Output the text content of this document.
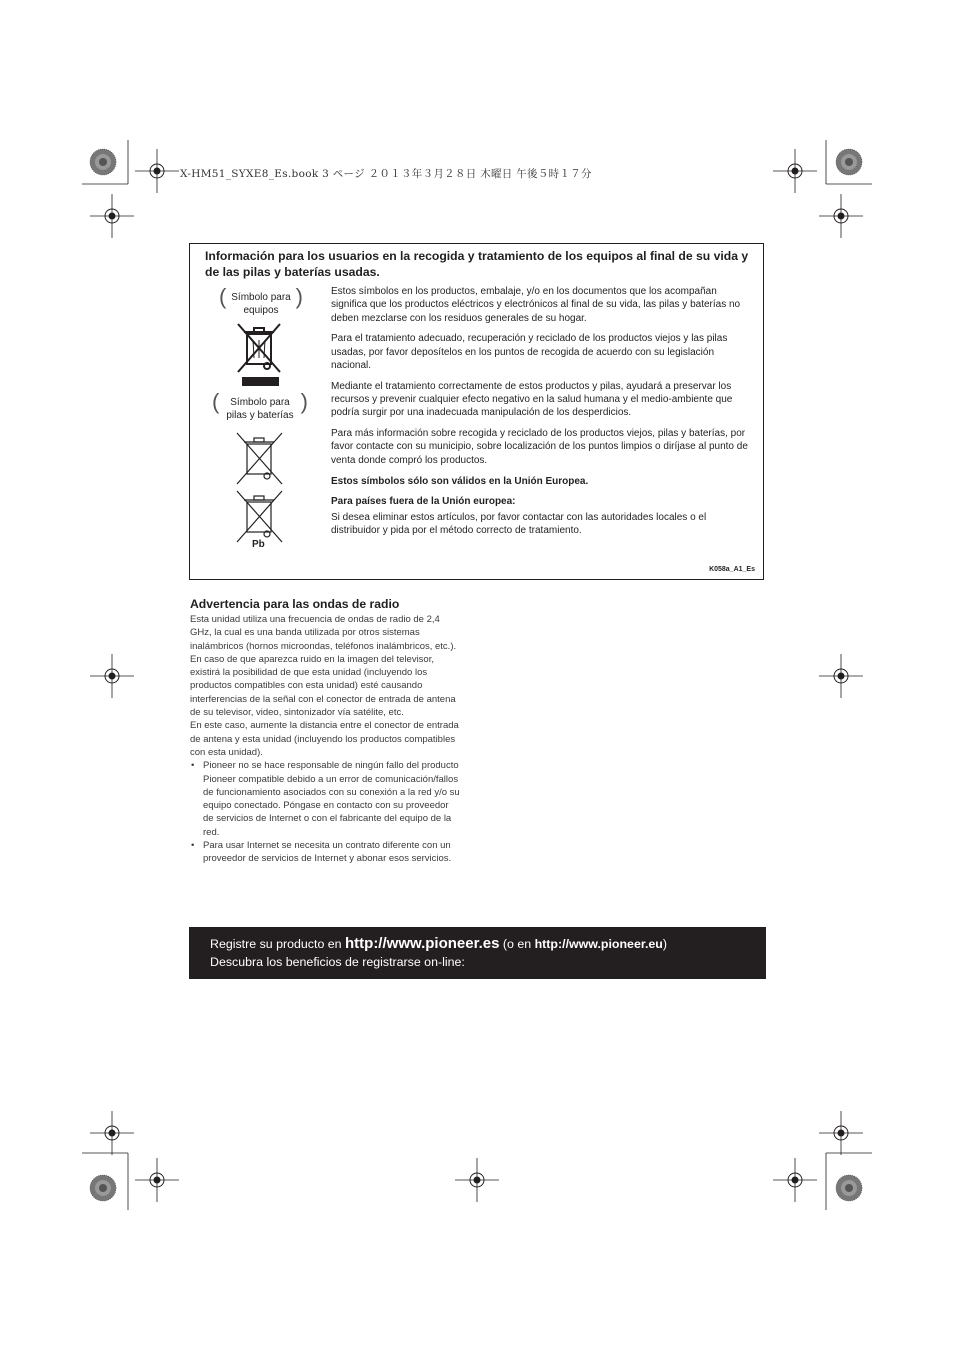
X-HM51_SYXE8_Es.book 3 ページ ２０１３年３月２８日 木曜日 午後５時１７分
Información para los usuarios en la recogida y tratamiento de los equipos al final de su vida y de las pilas y baterías usadas.
( Símbolo para equipos
)
(	Símbolo para pilas y baterías
)
Pb

Estos símbolos en los productos, embalaje, y/o en los documentos que los acompañan significa que los productos eléctricos y electrónicos al final de su vida, las pilas y baterías no deben mezclarse con los residuos generales de su hogar.

Para el tratamiento adecuado, recuperación y reciclado de los productos viejos y las pilas usadas, por favor deposítelos en los puntos de recogida de acuerdo con su legislación nacional.

Mediante el tratamiento correctamente de estos productos y pilas, ayudará a preservar los recursos y prevenir cualquier efecto negativo en la salud humana y el medio-ambiente que podría surgir por una inadecuada manipulación de los desperdicios.

Para más información sobre recogida y reciclado de los productos viejos, pilas y baterías, por favor contacte con su municipio, sobre localización de los puntos limpios o diríjase al punto de venta donde compró los productos.

Estos símbolos sólo son válidos en la Unión Europea.

Para países fuera de la Unión europea:

Si desea eliminar estos artículos, por favor contactar con las autoridades locales o el distribuidor y pida por el método correcto de tratamiento.

K058a_A1_Es
Advertencia para las ondas de radio

Esta unidad utiliza una frecuencia de ondas de radio de 2,4 GHz, la cual es una banda utilizada por otros sistemas inalámbricos (hornos microondas, teléfonos inalámbricos, etc.).

En caso de que aparezca ruido en la imagen del televisor, existirá la posibilidad de que esta unidad (incluyendo los productos compatibles con esta unidad) esté causando interferencias de la señal con el conector de entrada de antena de su televisor, video, sintonizador vía satélite, etc.

En este caso, aumente la distancia entre el conector de entrada de antena y esta unidad (incluyendo los productos compatibles con esta unidad).

• Pioneer no se hace responsable de ningún fallo del producto Pioneer compatible debido a un error de comunicación/fallos de funcionamiento asociados con su conexión a la red y/o su equipo conectado. Póngase en contacto con su proveedor de servicios de Internet o con el fabricante del equipo de la red.
• Para usar Internet se necesita un contrato diferente con un proveedor de servicios de Internet y abonar esos servicios.
Registre su producto en http://www.pioneer.es (o en http://www.pioneer.eu)
Descubra los beneficios de registrarse on-line:
